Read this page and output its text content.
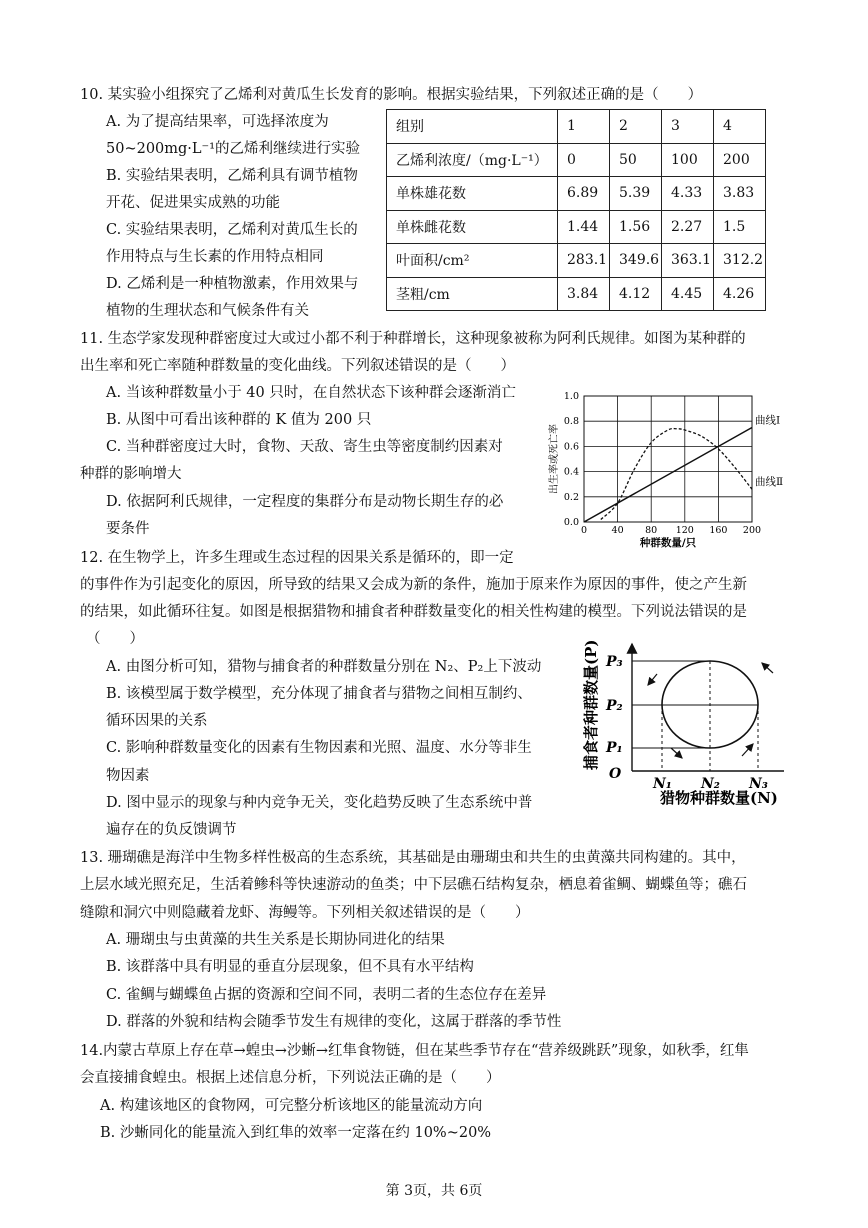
10. 某实验小组探究了乙烯利对黄瓜生长发育的影响。根据实验结果，下列叙述正确的是（　　）
A. 为了提高结果率，可选择浓度为
50~200mg·L⁻¹的乙烯利继续进行实验
B. 实验结果表明，乙烯利具有调节植物
开花、促进果实成熟的功能
C. 实验结果表明，乙烯利对黄瓜生长的
作用特点与生长素的作用特点相同
D. 乙烯利是一种植物激素，作用效果与
植物的生理状态和气候条件有关
组别	1	2	3	4
乙烯利浓度/（mg·L⁻¹）	0	50	100	200
单株雄花数	6.89	5.39	4.33	3.83
单株雌花数	1.44	1.56	2.27	1.5
叶面积/cm²	283.1	349.6	363.1	312.2
茎粗/cm	3.84	4.12	4.45	4.26
11. 生态学家发现种群密度过大或过小都不利于种群增长，这种现象被称为阿利氏规律。如图为某种群的
出生率和死亡率随种群数量的变化曲线。下列叙述错误的是（　　）
A. 当该种群数量小于 40 只时，在自然状态下该种群会逐渐消亡
B. 从图中可看出该种群的 K 值为 200 只
C. 当种群密度过大时，食物、天敌、寄生虫等密度制约因素对
种群的影响增大
D. 依据阿利氏规律，一定程度的集群分布是动物长期生存的必
要条件	0	40 80 120 160 200
0.0
0.2
0.4
0.6
0.8
1.0
种群数量/只
出生率或死亡率
曲线Ⅰ
曲线Ⅱ
12. 在生物学上，许多生理或生态过程的因果关系是循环的，即一定
的事件作为引起变化的原因，所导致的结果又会成为新的条件，施加于原来作为原因的事件，使之产生新
的结果，如此循环往复。如图是根据猎物和捕食者种群数量变化的相关性构建的模型。下列说法错误的是
（　　）
A. 由图分析可知，猎物与捕食者的种群数量分别在 N₂、P₂上下波动
B. 该模型属于数学模型，充分体现了捕食者与猎物之间相互制约、
循环因果的关系
C. 影响种群数量变化的因素有生物因素和光照、温度、水分等非生
物因素
D. 图中显示的现象与种内竞争无关，变化趋势反映了生态系统中普
遍存在的负反馈调节
捕食者种群数量(P) P₃
P₂
P₁
O
N₁ N₂ N₃
猎物种群数量(N)
13. 珊瑚礁是海洋中生物多样性极高的生态系统，其基础是由珊瑚虫和共生的虫黄藻共同构建的。其中，
上层水域光照充足，生活着鲹科等快速游动的鱼类；中下层礁石结构复杂，栖息着雀鲷、蝴蝶鱼等；礁石
缝隙和洞穴中则隐藏着龙虾、海鳗等。下列相关叙述错误的是（　　）
A. 珊瑚虫与虫黄藻的共生关系是长期协同进化的结果
B. 该群落中具有明显的垂直分层现象，但不具有水平结构
C. 雀鲷与蝴蝶鱼占据的资源和空间不同，表明二者的生态位存在差异
D. 群落的外貌和结构会随季节发生有规律的变化，这属于群落的季节性
14.内蒙古草原上存在草→蝗虫→沙蜥→红隼食物链，但在某些季节存在“营养级跳跃”现象，如秋季，红隼
会直接捕食蝗虫。根据上述信息分析，下列说法正确的是（　　）
A. 构建该地区的食物网，可完整分析该地区的能量流动方向
B. 沙蜥同化的能量流入到红隼的效率一定落在约 10%~20%
第 3页，共 6页
